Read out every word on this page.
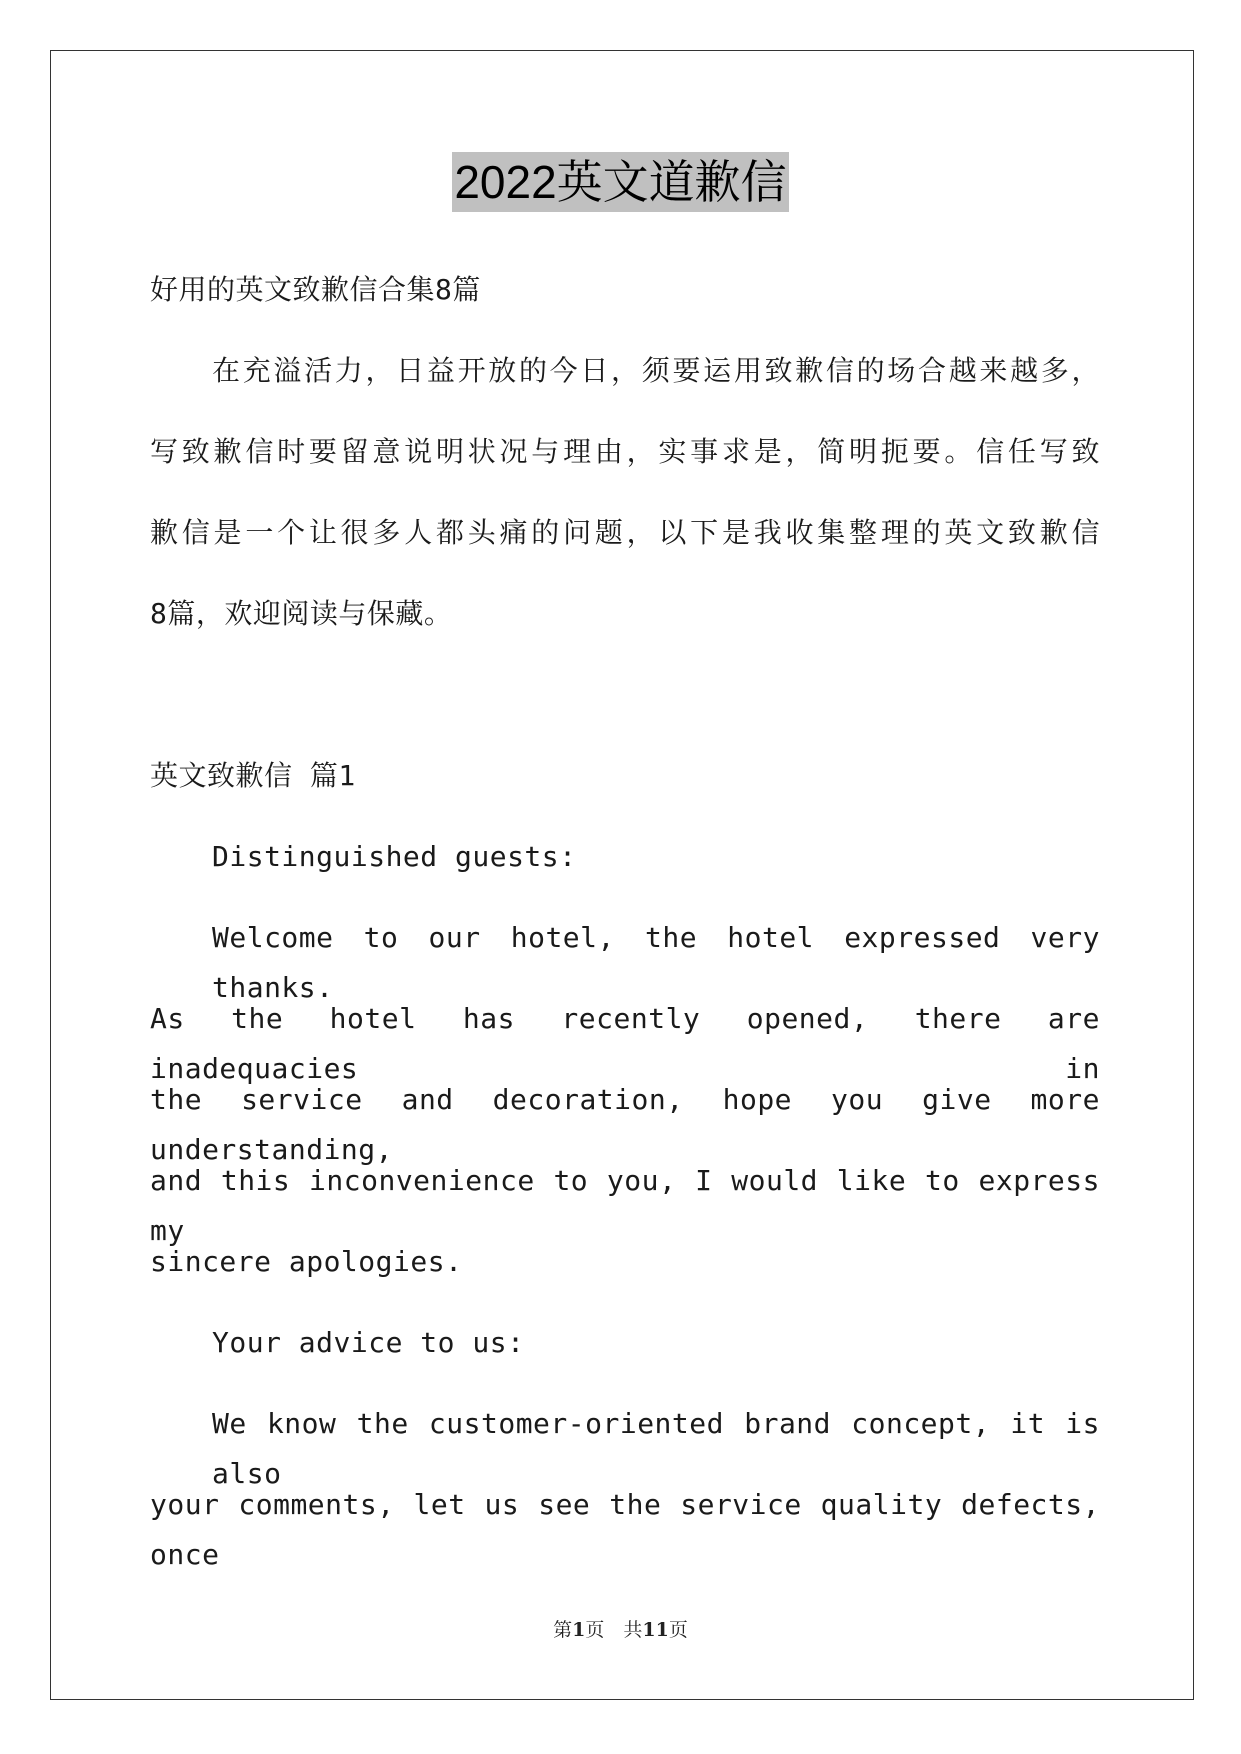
2022英文道歉信
好用的英文致歉信合集8篇
在充溢活力，日益开放的今日，须要运用致歉信的场合越来越多，
写致歉信时要留意说明状况与理由，实事求是，简明扼要。信任写致
歉信是一个让很多人都头痛的问题，以下是我收集整理的英文致歉信
8篇，欢迎阅读与保藏。
英文致歉信 篇1
Distinguished guests:
Welcome to our hotel, the hotel expressed very thanks.
As the hotel has recently opened, there are inadequacies in
the service and decoration, hope you give more understanding,
and this inconvenience to you, I would like to express my
sincere apologies.
Your advice to us:
We know the customer-oriented brand concept, it is also
your comments, let us see the service quality defects, once
第1页　共11页
